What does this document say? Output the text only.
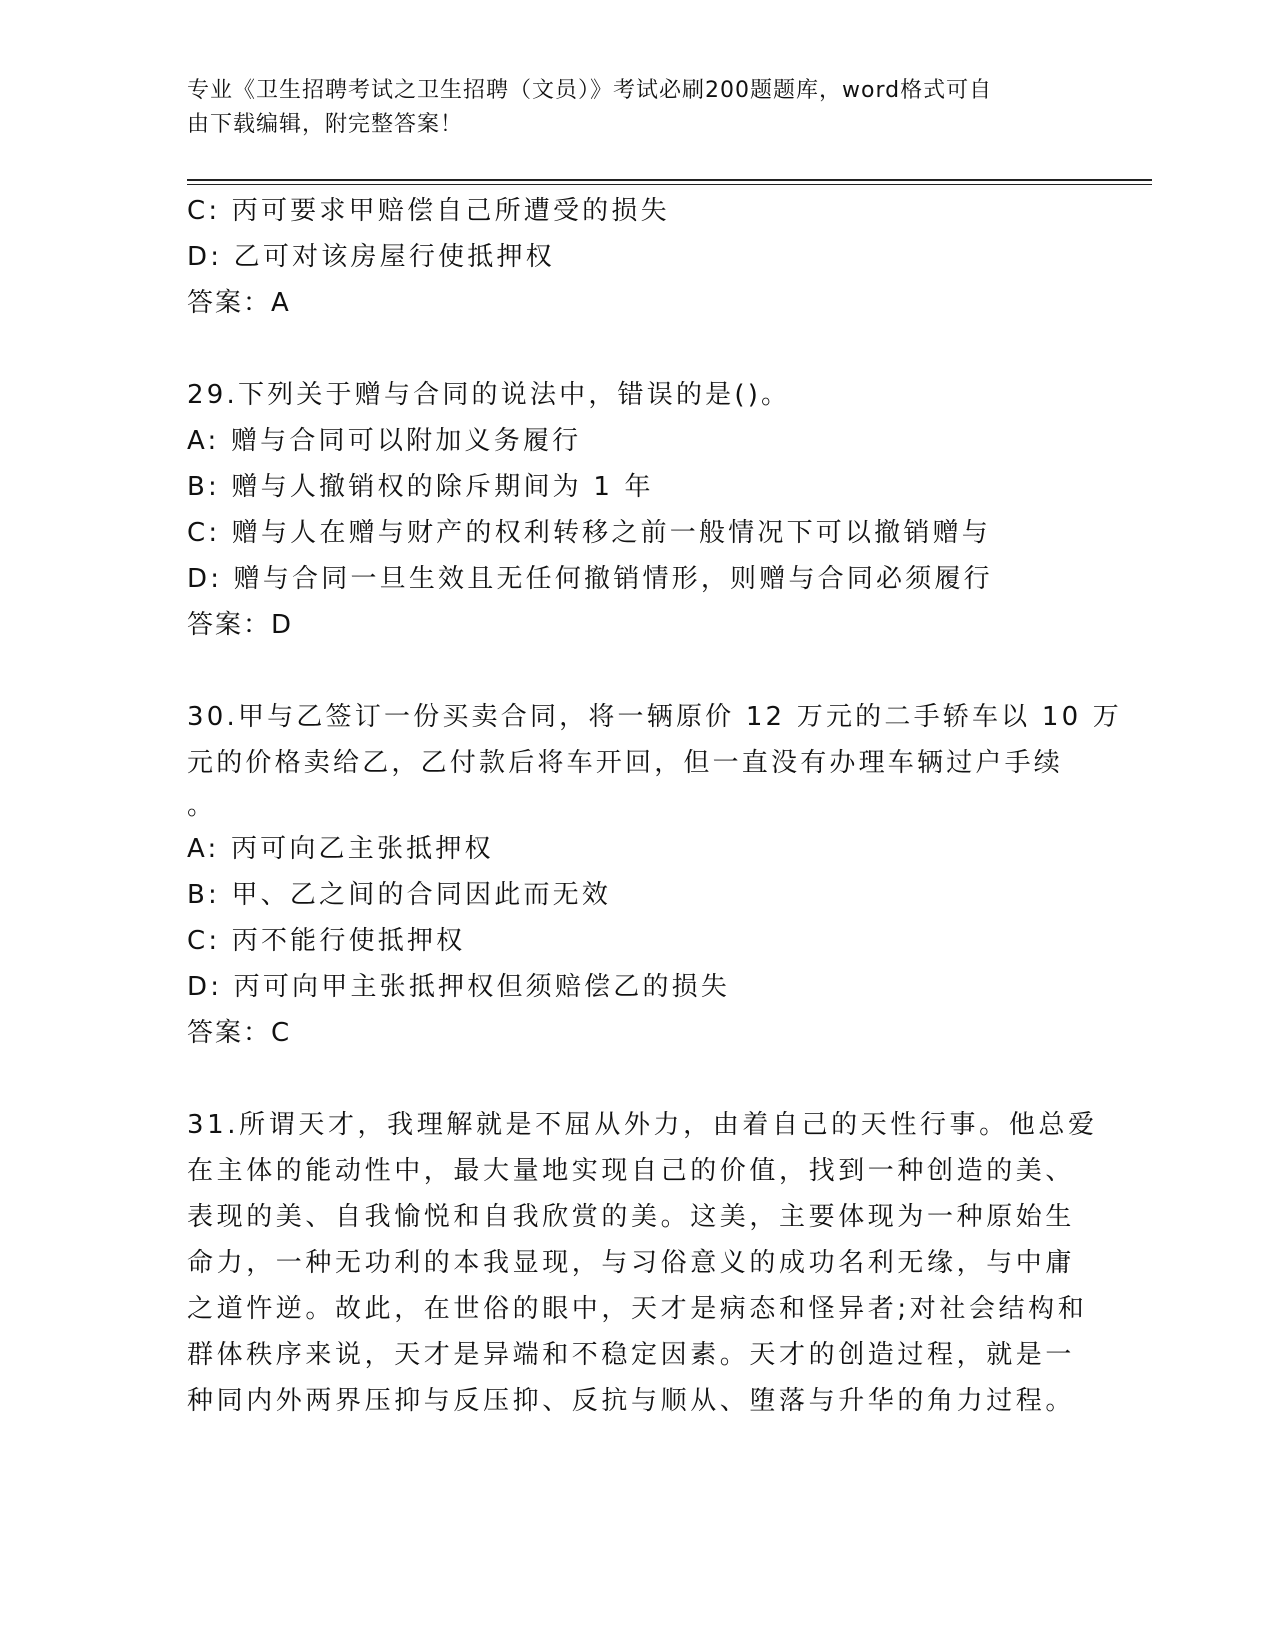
专业《卫生招聘考试之卫生招聘（文员）》考试必刷200题题库，word格式可自
由下载编辑，附完整答案！
C: 丙可要求甲赔偿自己所遭受的损失
D: 乙可对该房屋行使抵押权
答案：A
29.下列关于赠与合同的说法中，错误的是()。
A: 赠与合同可以附加义务履行
B: 赠与人撤销权的除斥期间为 1 年
C: 赠与人在赠与财产的权利转移之前一般情况下可以撤销赠与
D: 赠与合同一旦生效且无任何撤销情形，则赠与合同必须履行
答案：D
30.甲与乙签订一份买卖合同，将一辆原价 12 万元的二手轿车以 10 万
元的价格卖给乙，乙付款后将车开回，但一直没有办理车辆过户手续
。
A: 丙可向乙主张抵押权
B: 甲、乙之间的合同因此而无效
C: 丙不能行使抵押权
D: 丙可向甲主张抵押权但须赔偿乙的损失
答案：C
31.所谓天才，我理解就是不屈从外力，由着自己的天性行事。他总爱
在主体的能动性中，最大量地实现自己的价值，找到一种创造的美、
表现的美、自我愉悦和自我欣赏的美。这美，主要体现为一种原始生
命力，一种无功利的本我显现，与习俗意义的成功名利无缘，与中庸
之道忤逆。故此，在世俗的眼中，天才是病态和怪异者;对社会结构和
群体秩序来说，天才是异端和不稳定因素。天才的创造过程，就是一
种同内外两界压抑与反压抑、反抗与顺从、堕落与升华的角力过程。
